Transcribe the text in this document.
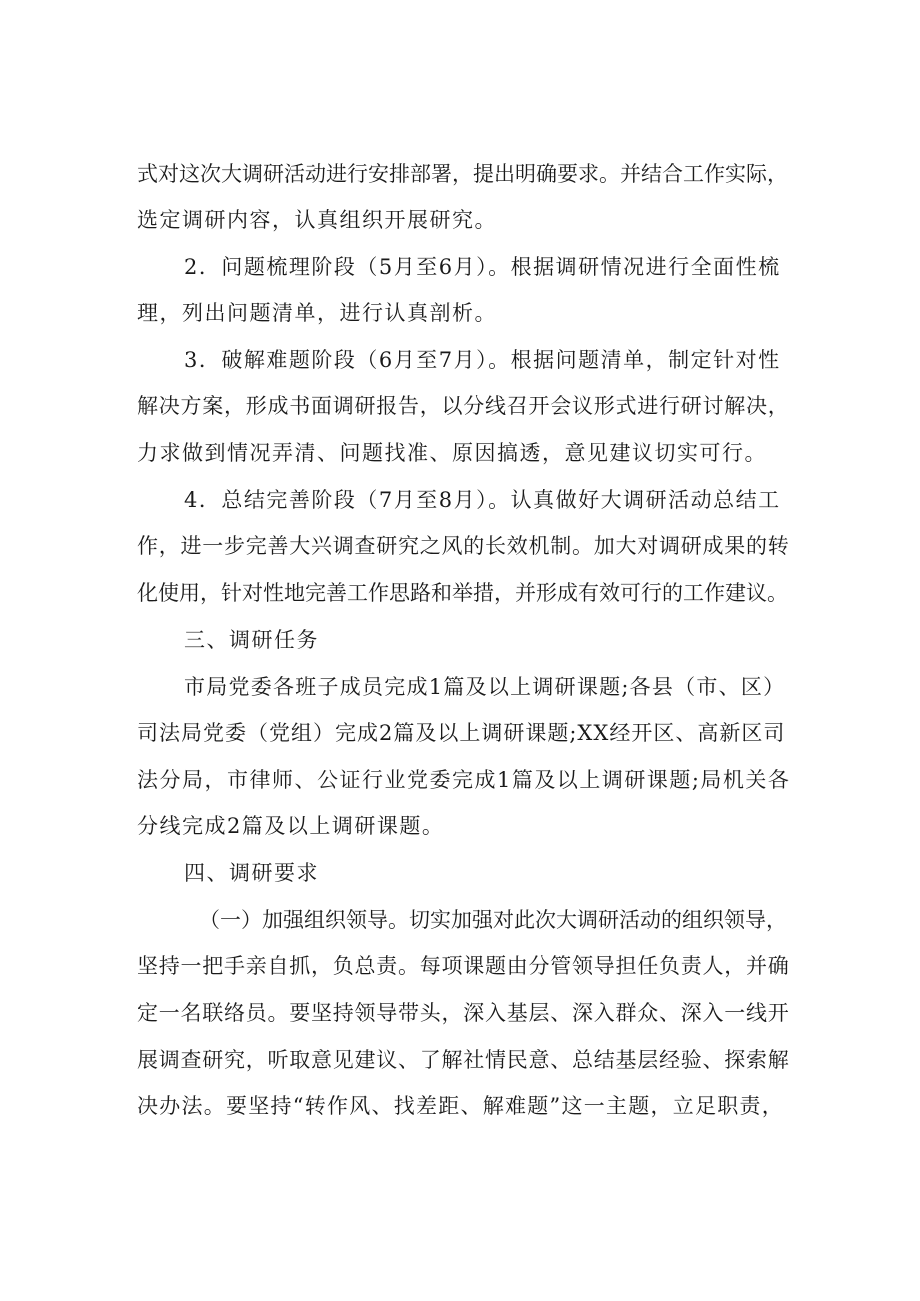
式对这次大调研活动进行安排部署，提出明确要求。并结合工作实际，
选定调研内容，认真组织开展研究。
2．问题梳理阶段（5月至6月）。根据调研情况进行全面性梳
理，列出问题清单，进行认真剖析。
3．破解难题阶段（6月至7月）。根据问题清单，制定针对性
解决方案，形成书面调研报告，以分线召开会议形式进行研讨解决，
力求做到情况弄清、问题找准、原因搞透，意见建议切实可行。
4．总结完善阶段（7月至8月）。认真做好大调研活动总结工
作，进一步完善大兴调查研究之风的长效机制。加大对调研成果的转
化使用，针对性地完善工作思路和举措，并形成有效可行的工作建议。
三、调研任务
市局党委各班子成员完成1篇及以上调研课题;各县（市、区）
司法局党委（党组）完成2篇及以上调研课题;XX经开区、高新区司
法分局，市律师、公证行业党委完成1篇及以上调研课题;局机关各
分线完成2篇及以上调研课题。
四、调研要求
（一）加强组织领导。切实加强对此次大调研活动的组织领导，
坚持一把手亲自抓，负总责。每项课题由分管领导担任负责人，并确
定一名联络员。要坚持领导带头，深入基层、深入群众、深入一线开
展调查研究，听取意见建议、了解社情民意、总结基层经验、探索解
决办法。要坚持“转作风、找差距、解难题”这一主题，立足职责，
